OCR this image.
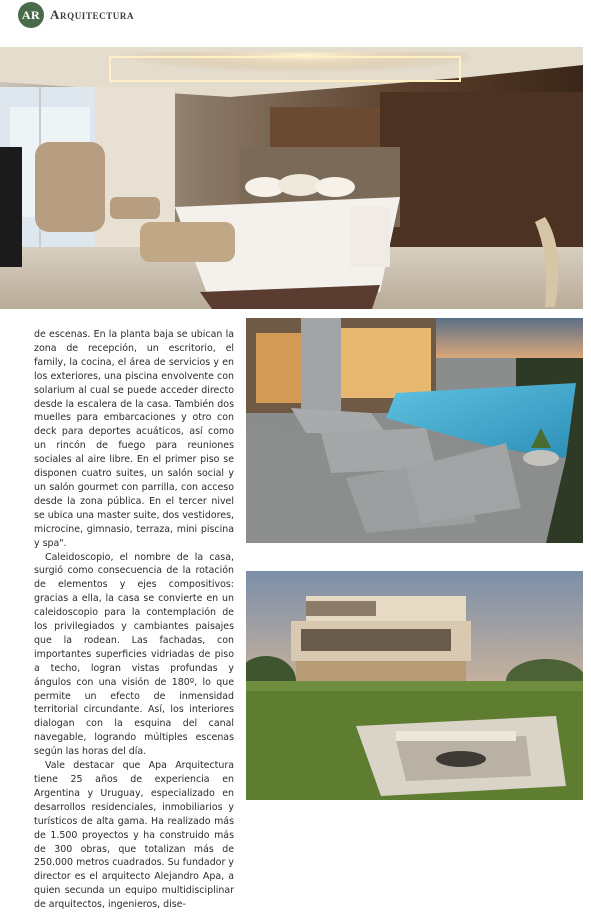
AR Arquitectura

de escenas. En la planta baja se ubican la zona de recepción, un escritorio, el family, la cocina, el área de servicios y en los exteriores, una piscina envolvente con solarium al cual se puede acceder directo desde la escalera de la casa. También dos muelles para embarcaciones y otro con deck para deportes acuáticos, así como un rincón de fuego para reuniones sociales al aire libre. En el primer piso se disponen cuatro suites, un salón social y un salón gourmet con parrilla, con acceso desde la zona pública. En el tercer nivel se ubica una master suite, dos vestidores, microcine, gimnasio, terraza, mini piscina y spa".

Caleidoscopio, el nombre de la casa, surgió como consecuencia de la rotación de elementos y ejes compositivos: gracias a ella, la casa se convierte en un caleidoscopio para la contemplación de los privilegiados y cambiantes paisajes que la rodean. Las fachadas, con importantes superficies vidriadas de piso a techo, logran vistas profundas y ángulos con una visión de 180º, lo que permite un efecto de inmensidad territorial circundante. Así, los interiores dialogan con la esquina del canal navegable, logrando múltiples escenas según las horas del día.

Vale destacar que Apa Arquitectura tiene 25 años de experiencia en Argentina y Uruguay, especializado en desarrollos residenciales, inmobiliarios y turísticos de alta gama. Ha realizado más de 1.500 proyectos y ha construido más de 300 obras, que totalizan más de 250.000 metros cuadrados. Su fundador y director es el arquitecto Alejandro Apa, a quien secunda un equipo multidisciplinar de arquitectos, ingenieros, dise-
